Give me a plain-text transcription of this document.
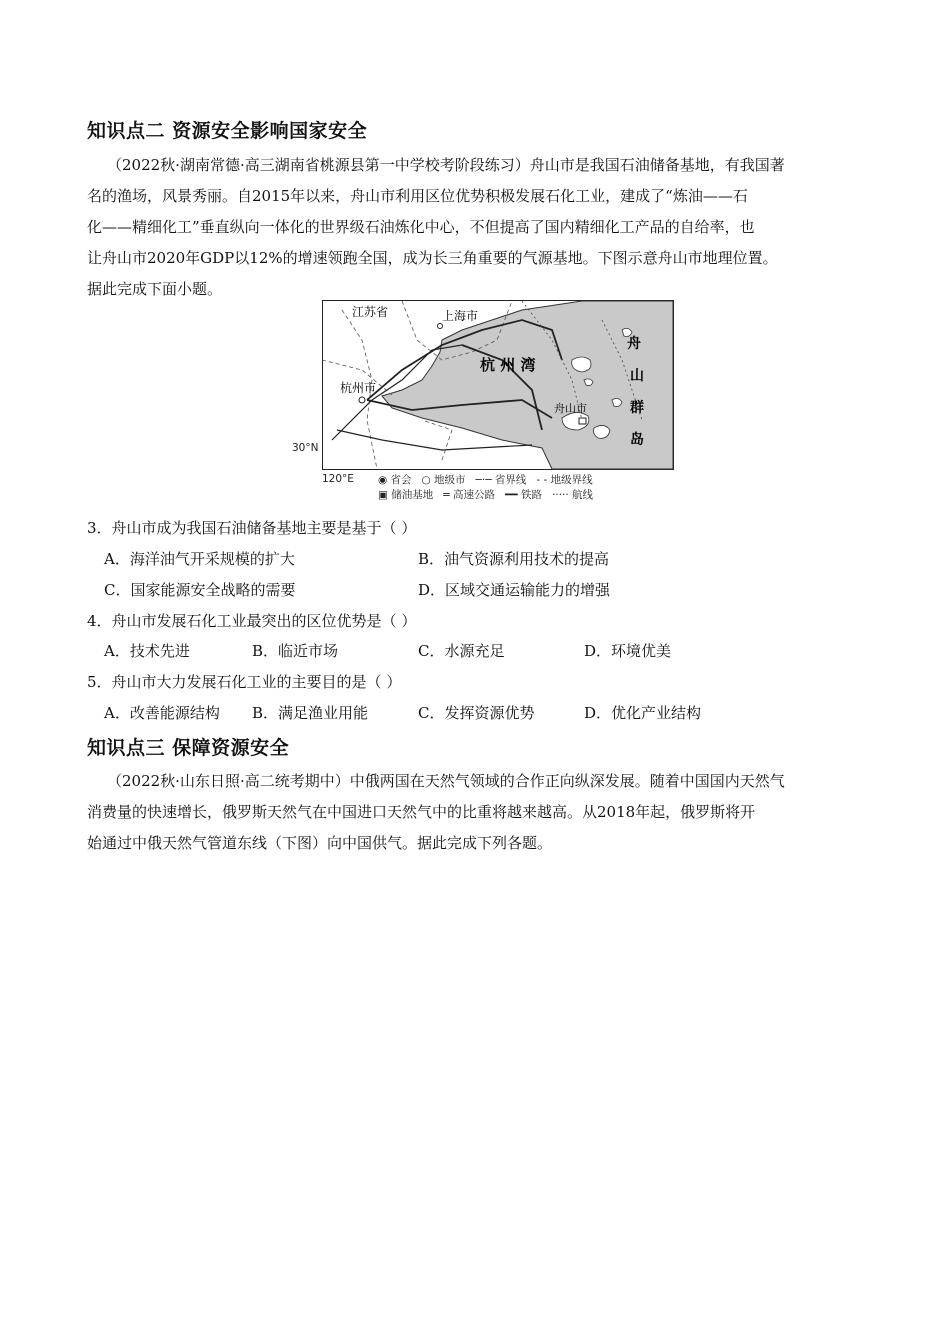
知识点二 资源安全影响国家安全
（2022秋·湖南常德·高三湖南省桃源县第一中学校考阶段练习）舟山市是我国石油储备基地，有我国著
名的渔场，风景秀丽。自2015年以来，舟山市利用区位优势积极发展石化工业，建成了“炼油——石
化——精细化工”垂直纵向一体化的世界级石油炼化中心，不但提高了国内精细化工产品的自给率，也
让舟山市2020年GDP以12%的增速领跑全国，成为长三角重要的气源基地。下图示意舟山市地理位置。
据此完成下面小题。
江苏省	上海市
杭 州 湾
杭州市
舟山市
舟
山
群
岛
30°N
120°E ◉ 省会 ○ 地级市 ─·─ 省界线 - - 地级界线
▣ 储油基地 ═ 高速公路 ━━ 铁路 ····· 航线
3．舟山市成为我国石油储备基地主要是基于（ ）
A．海洋油气开采规模的扩大	B．油气资源利用技术的提高
C．国家能源安全战略的需要	D．区域交通运输能力的增强
4．舟山市发展石化工业最突出的区位优势是（ ）
A．技术先进	B．临近市场	C．水源充足	D．环境优美
5．舟山市大力发展石化工业的主要目的是（ ）
A．改善能源结构 B．满足渔业用能	C．发挥资源优势	D．优化产业结构
知识点三 保障资源安全
（2022秋·山东日照·高二统考期中）中俄两国在天然气领域的合作正向纵深发展。随着中国国内天然气
消费量的快速增长，俄罗斯天然气在中国进口天然气中的比重将越来越高。从2018年起，俄罗斯将开
始通过中俄天然气管道东线（下图）向中国供气。据此完成下列各题。
